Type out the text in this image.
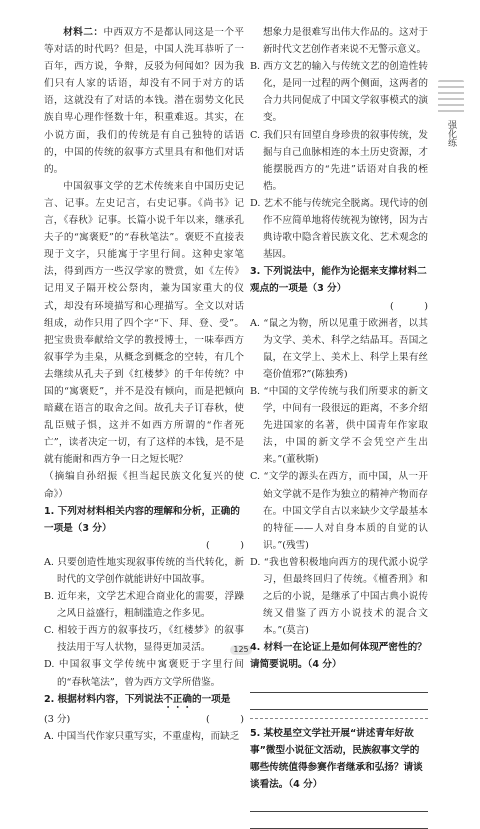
材料二：中西双方不是都认同这是一个平等对话的时代吗？但是，中国人洗耳恭听了一百年，西方说，争辩，反驳为何闻如？因为我们只有人家的话语，却没有不同于对方的话语，这就没有了对话的本钱。潜在弱势文化民族自卑心理作怪数十年，积重难返。其实，在小说方面，我们的传统是有自己独特的话语的，中国的传统的叙事方式里具有和他们对话的。

中国叙事文学的艺术传统来自中国历史记言、记事。左史记言，右史记事。《尚书》记言，《春秋》记事。长篇小说千年以来，继承孔夫子的“寓褒贬”的“春秋笔法”。褒贬不直接表现于文字，只能寓于字里行间。这种史家笔法，得到西方一些汉学家的赞赏，如《左传》记用叉子隔开校公祭肉，兼为国家重大的仪式，却没有环境描写和心理描写。全文以对话组成，动作只用了四个字“下、拜、登、受”。把宝贵贵奉献给文学的教授博士，一味奉西方叙事学为圭臬，从概念到概念的空转，有几个去继续从孔夫子到《红楼梦》的千年传统？中国的“寓褒贬”，并不是没有倾向，而是把倾向暗藏在语言的取舍之间。故孔夫子订春秋，使乱臣贼子惧，这并不如西方所谓的“作者死亡”，读者决定一切，有了这样的本钱，是不是就有能耐和西方争一日之短长呢？

（摘编自孙绍振《担当起民族文化复兴的使命》）

1. 下列对材料相关内容的理解和分析，正确的一项是（3 分）

(          )

A. 只要创造性地实现叙事传统的当代转化，新时代的文学创作就能讲好中国故事。

B. 近年来，文学艺术迎合商业化的需要，浮躁之风日益盛行，粗制滥造之作多见。

C. 相较于西方的叙事技巧，《红楼梦》的叙事技法用于写人状物，显得更加灵活。

D. 中国叙事文学传统中寓褒贬于字里行间的“春秋笔法”，曾为西方文学所借鉴。

2. 根据材料内容，下列说法不正确的一项是

(3 分)	(          )

A. 中国当代作家只重写实，不重虚构，而缺乏

想象力是很难写出伟大作品的。这对于新时代文艺创作者来说不无警示意义。

B. 西方文艺的输入与传统文艺的创造性转化，是同一过程的两个侧面，这两者的合力共同促成了中国文学叙事模式的演变。

C. 我们只有回望自身珍贵的叙事传统，发掘与自己血脉相连的本土历史资源，才能摆脱西方的“先进”话语对自我的桎梏。

D. 艺术不能与传统完全脱离。现代诗的创作不应简单地将传统视为镣铐，因为古典诗歌中隐含着民族文化、艺术观念的基因。

3. 下列说法中，能作为论据来支撑材料二观点的一项是（3 分）

(          )

A. “鼠之为物，所以见重于欧洲者，以其为文学、美术、科学之结晶耳。吾国之鼠，在文学上、美术上、科学上果有丝毫价值邪?”(陈独秀)

B. “中国的文学传统与我们所要求的新文学，中间有一段很远的距离，不多介绍先进国家的名著，供中国青年作家取法，中国的新文学不会凭空产生出来。”(董秋斯)

C. “文学的源头在西方，而中国，从一开始文学就不是作为独立的精神产物而存在。中国文学自古以来缺少文学最基本的特征——人对自身本质的自觉的认识。”(残雪)

D. “我也曾积极地向西方的现代派小说学习，但最终回归了传统。《檀香刑》和之后的小说，是继承了中国古典小说传统又借鉴了西方小说技术的混合文本。”(莫言)

4. 材料一在论证上是如何体现严密性的？请简要说明。（4 分）

5. 某校星空文学社开展“讲述青年好故事”微型小说征文活动，民族叙事文学的哪些传统值得参赛作者继承和弘扬？请谈谈看法。（4 分）

强化练
125
